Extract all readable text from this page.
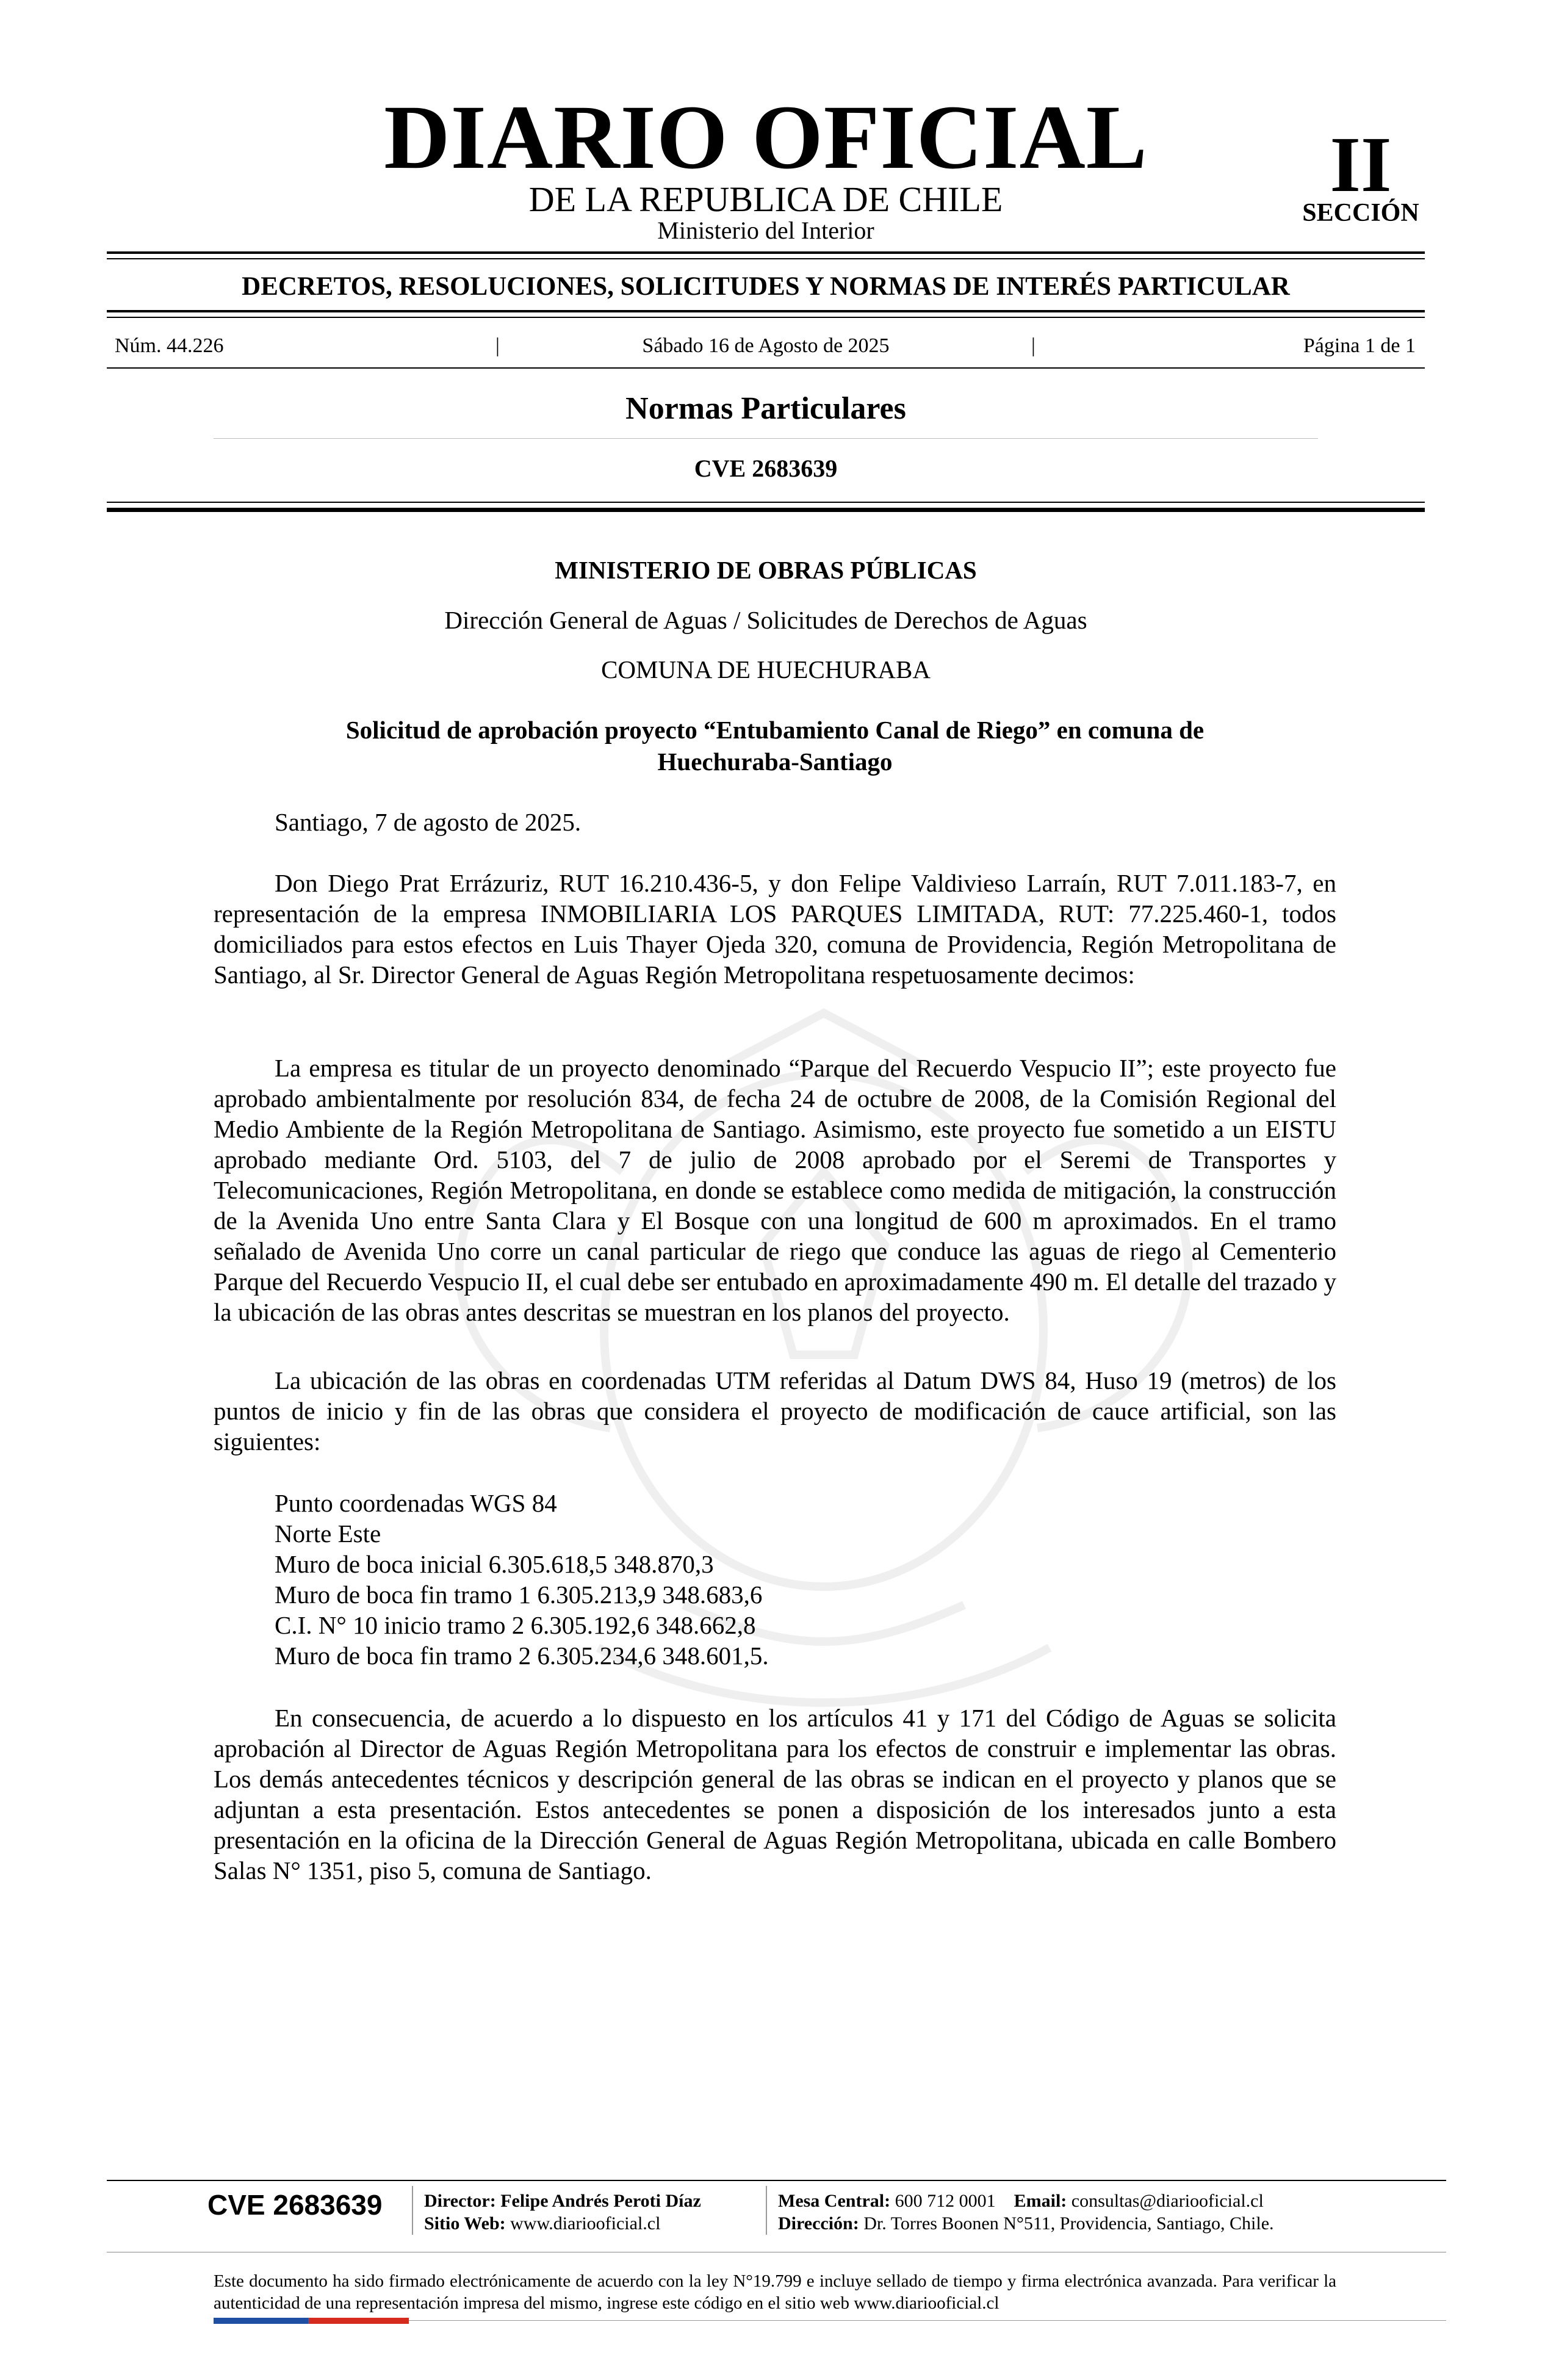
DIARIO OFICIAL
DE LA REPUBLICA DE CHILE
Ministerio del Interior
II
SECCIÓN
DECRETOS, RESOLUCIONES, SOLICITUDES Y NORMAS DE INTERÉS PARTICULAR
Núm. 44.226	|	Sábado 16 de Agosto de 2025	|	Página 1 de 1
Normas Particulares
CVE 2683639
MINISTERIO DE OBRAS PÚBLICAS
Dirección General de Aguas / Solicitudes de Derechos de Aguas
COMUNA DE HUECHURABA
Solicitud de aprobación proyecto “Entubamiento Canal de Riego” en comuna de
Huechuraba-Santiago

Santiago, 7 de agosto de 2025.

Don Diego Prat Errázuriz, RUT 16.210.436-5, y don Felipe Valdivieso Larraín, RUT 7.011.183-7, en representación de la empresa INMOBILIARIA LOS PARQUES LIMITADA, RUT: 77.225.460-1, todos domiciliados para estos efectos en Luis Thayer Ojeda 320, comuna de Providencia, Región Metropolitana de Santiago, al Sr. Director General de Aguas Región Metropolitana respetuosamente decimos:

La empresa es titular de un proyecto denominado “Parque del Recuerdo Vespucio II”; este proyecto fue aprobado ambientalmente por resolución 834, de fecha 24 de octubre de 2008, de la Comisión Regional del Medio Ambiente de la Región Metropolitana de Santiago. Asimismo, este proyecto fue sometido a un EISTU aprobado mediante Ord. 5103, del 7 de julio de 2008 aprobado por el Seremi de Transportes y Telecomunicaciones, Región Metropolitana, en donde se establece como medida de mitigación, la construcción de la Avenida Uno entre Santa Clara y El Bosque con una longitud de 600 m aproximados. En el tramo señalado de Avenida Uno corre un canal particular de riego que conduce las aguas de riego al Cementerio Parque del Recuerdo Vespucio II, el cual debe ser entubado en aproximadamente 490 m. El detalle del trazado y la ubicación de las obras antes descritas se muestran en los planos del proyecto.

La ubicación de las obras en coordenadas UTM referidas al Datum DWS 84, Huso 19 (metros) de los puntos de inicio y fin de las obras que considera el proyecto de modificación de cauce artificial, son las siguientes:

Punto coordenadas WGS 84
Norte Este
Muro de boca inicial 6.305.618,5 348.870,3
Muro de boca fin tramo 1 6.305.213,9 348.683,6
C.I. N° 10 inicio tramo 2 6.305.192,6 348.662,8
Muro de boca fin tramo 2 6.305.234,6 348.601,5.

En consecuencia, de acuerdo a lo dispuesto en los artículos 41 y 171 del Código de Aguas se solicita aprobación al Director de Aguas Región Metropolitana para los efectos de construir e implementar las obras. Los demás antecedentes técnicos y descripción general de las obras se indican en el proyecto y planos que se adjuntan a esta presentación. Estos antecedentes se ponen a disposición de los interesados junto a esta presentación en la oficina de la Dirección General de Aguas Región Metropolitana, ubicada en calle Bombero Salas N° 1351, piso 5, comuna de Santiago.

CVE 2683639	Director: Felipe Andrés Peroti Díaz
Sitio Web: www.diariooficial.cl
Mesa Central: 600 712 0001 Email: consultas@diariooficial.cl
Dirección: Dr. Torres Boonen N°511, Providencia, Santiago, Chile.
Este documento ha sido firmado electrónicamente de acuerdo con la ley N°19.799 e incluye sellado de tiempo y firma electrónica avanzada. Para verificar la autenticidad de una representación impresa del mismo, ingrese este código en el sitio web www.diariooficial.cl
